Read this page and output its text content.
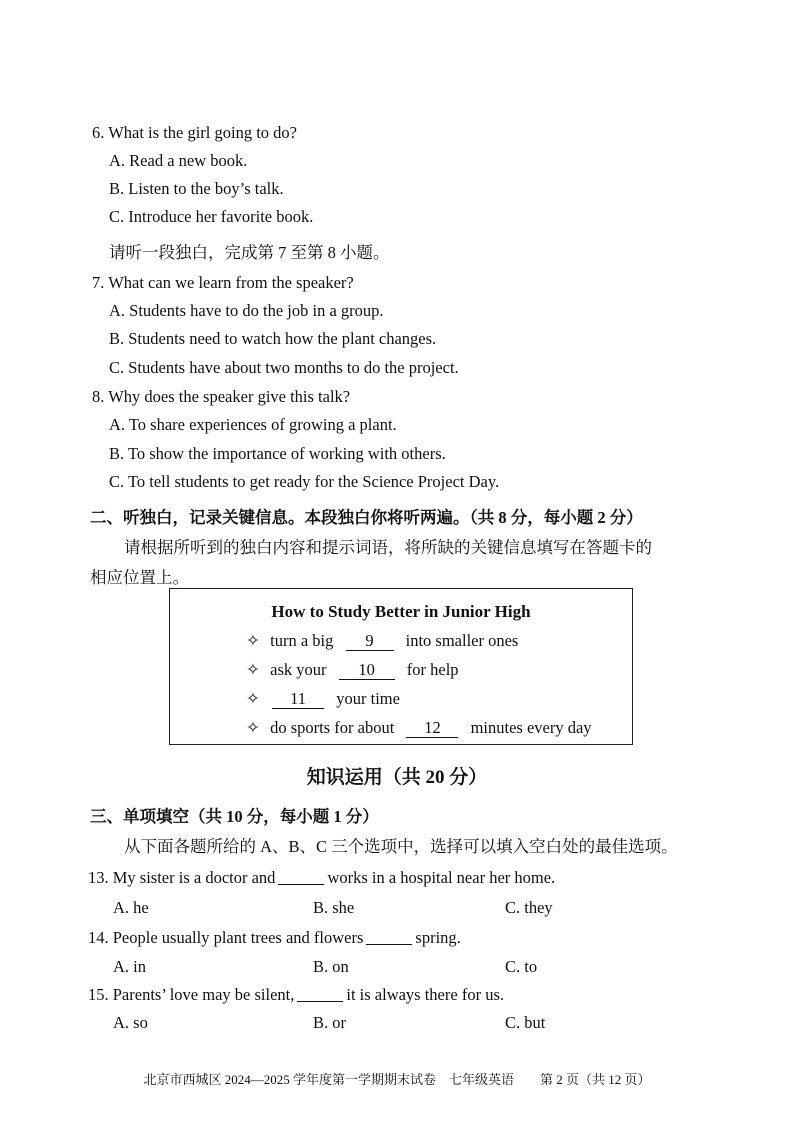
6. What is the girl going to do?
A. Read a new book.
B. Listen to the boy’s talk.
C. Introduce her favorite book.
请听一段独白，完成第 7 至第 8 小题。
7. What can we learn from the speaker?
A. Students have to do the job in a group.
B. Students need to watch how the plant changes.
C. Students have about two months to do the project.
8. Why does the speaker give this talk?
A. To share experiences of growing a plant.
B. To show the importance of working with others.
C. To tell students to get ready for the Science Project Day.
二、听独白，记录关键信息。本段独白你将听两遍。（共 8 分，每小题 2 分）
请根据所听到的独白内容和提示词语，将所缺的关键信息填写在答题卡的
相应位置上。
How to Study Better in Junior High
✧ turn a big 9 into smaller ones
✧ ask your 10 for help
✧ 11 your time
✧ do sports for about 12 minutes every day
知识运用（共 20 分）
三、单项填空（共 10 分，每小题 1 分）
从下面各题所给的 A、B、C 三个选项中，选择可以填入空白处的最佳选项。
13. My sister is a doctor and	works in a hospital near her home.
A. he	B. she	C. they
14. People usually plant trees and flowers	spring.
A. in	B. on	C. to
15. Parents’ love may be silent,	it is always there for us.
A. so	B. or	C. but
北京市西城区 2024—2025 学年度第一学期期末试卷　七年级英语　　第 2 页（共 12 页）
